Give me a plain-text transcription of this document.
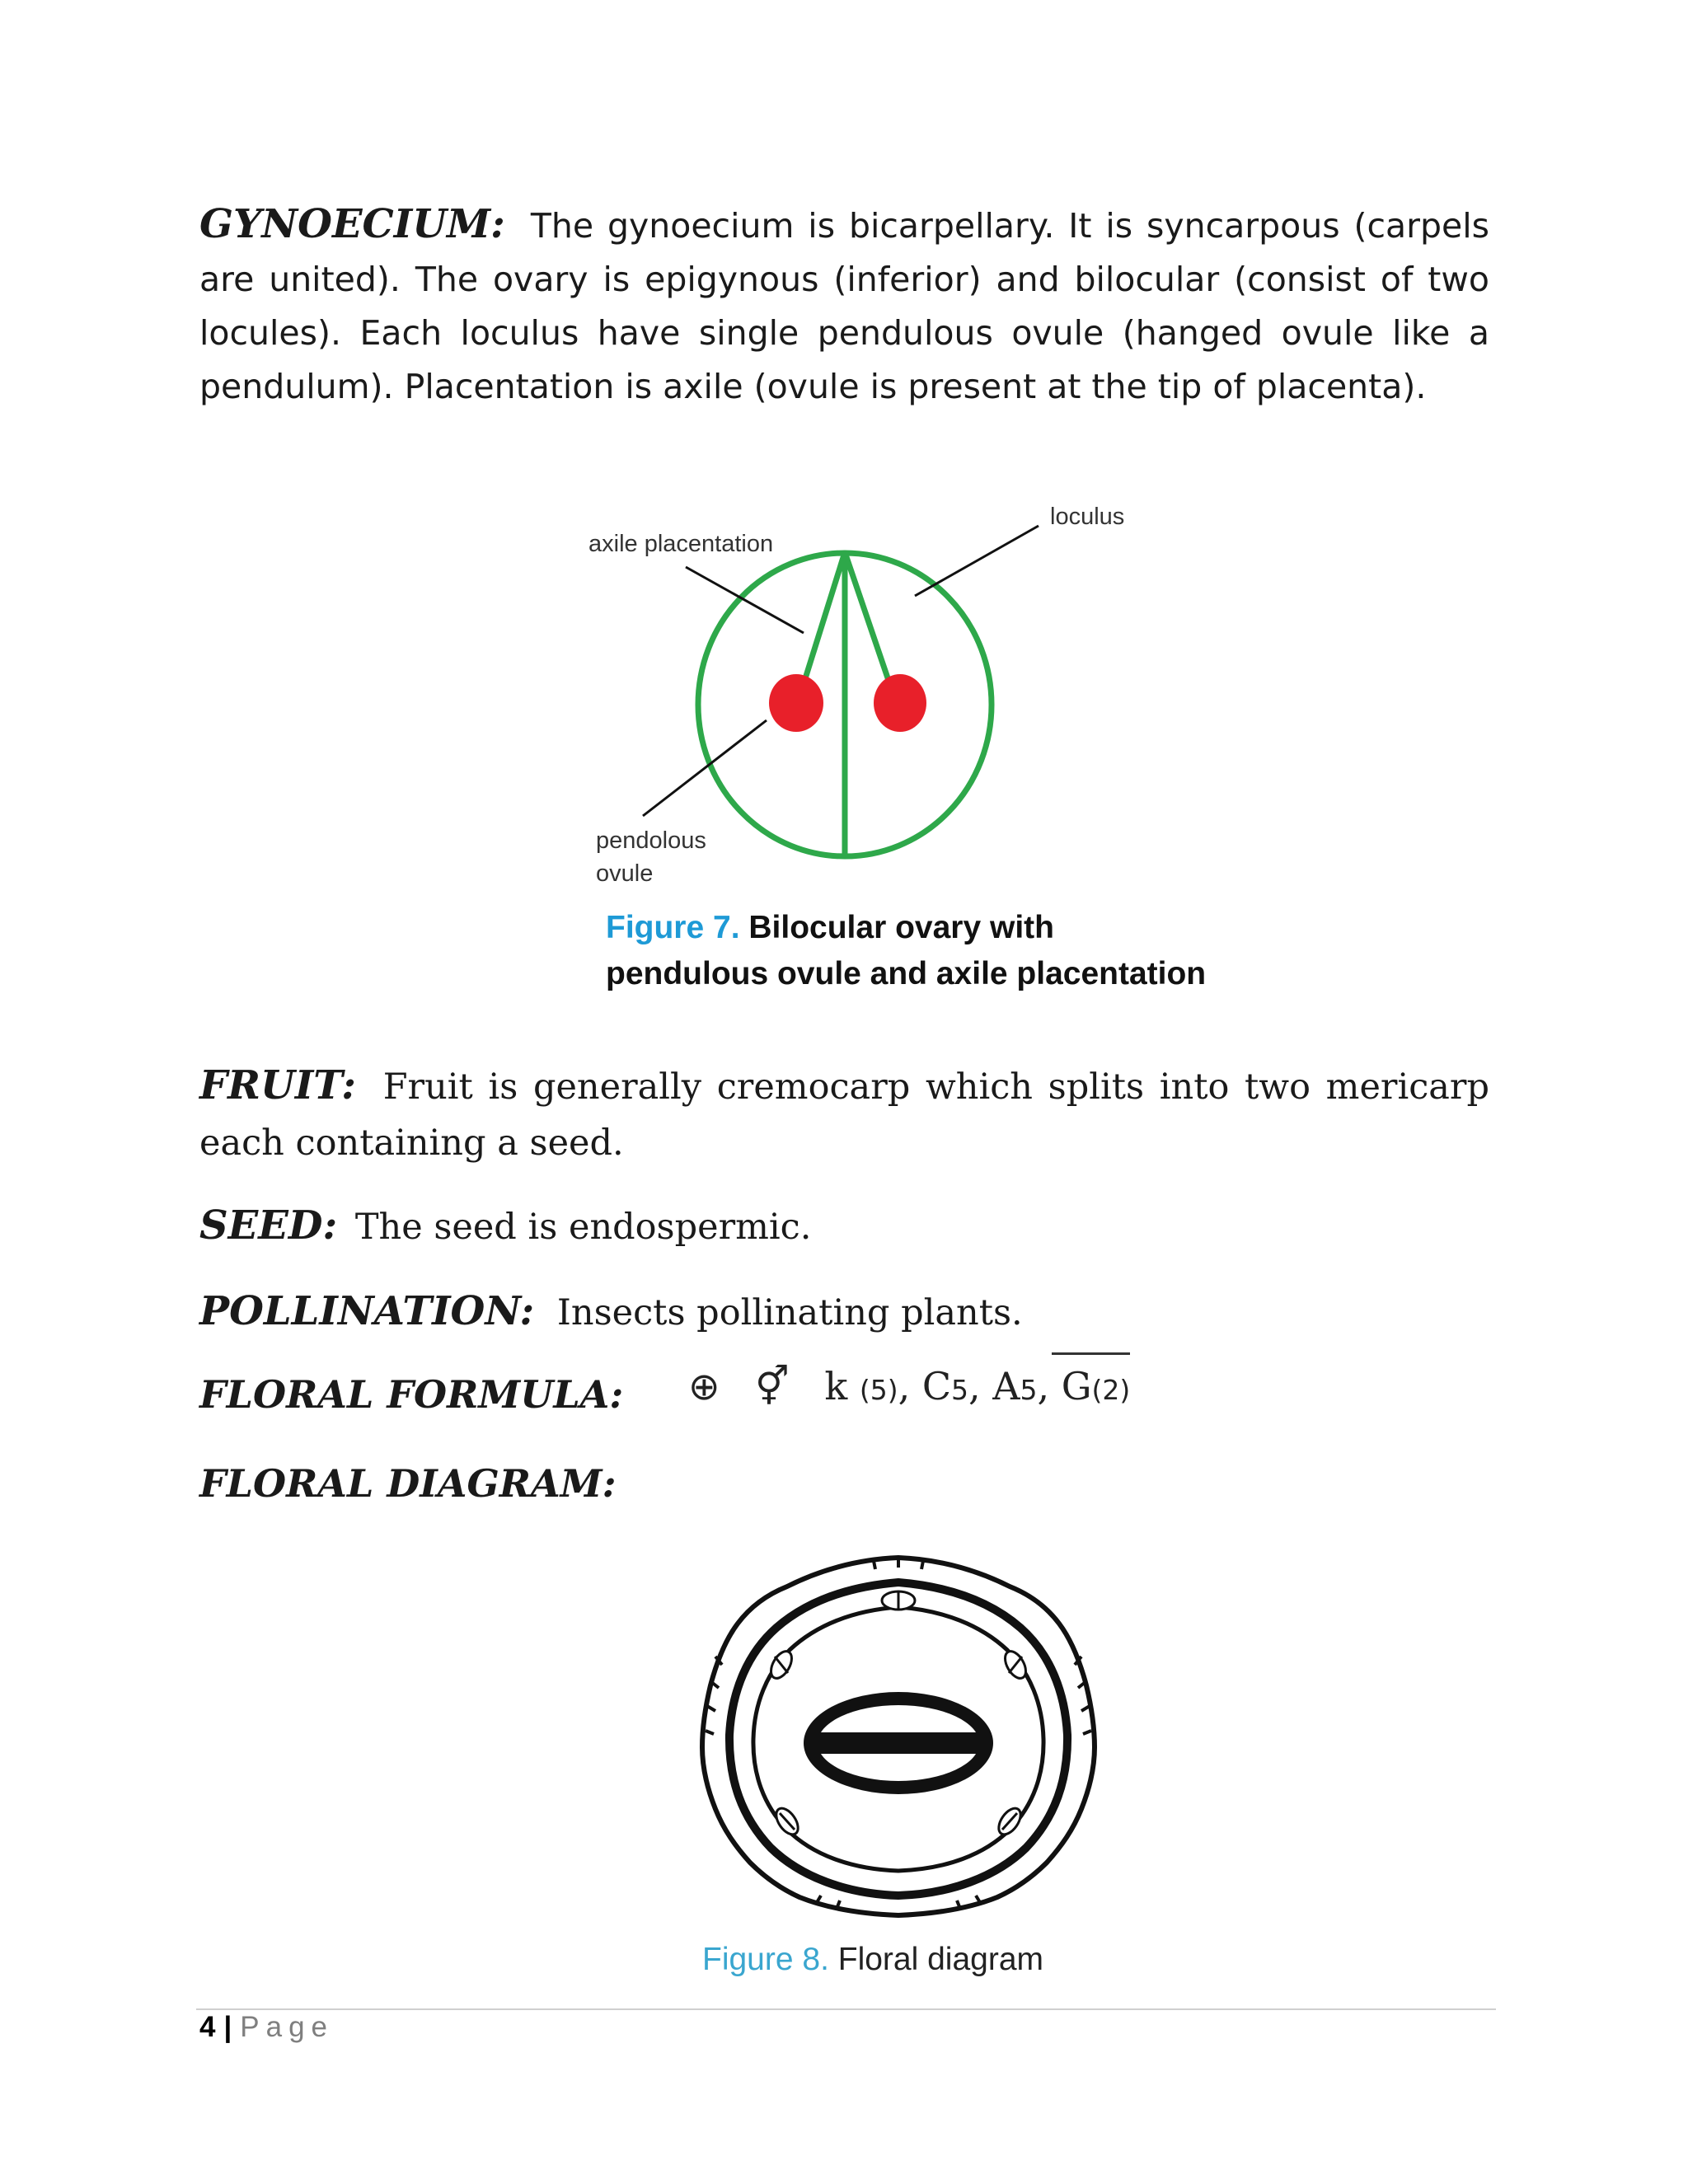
GYNOECIUM: The gynoecium is bicarpellary. It is syncarpous (carpels are united). The ovary is epigynous (inferior) and bilocular (consist of two locules). Each loculus have single pendulous ovule (hanged ovule like a pendulum). Placentation is axile (ovule is present at the tip of placenta).

axile placentation
loculus
pendolous
ovule
Figure 7. Bilocular ovary with
pendulous ovule and axile placentation

FRUIT: Fruit is generally cremocarp which splits into two mericarp each containing a seed.

SEED: The seed is endospermic.

POLLINATION: Insects pollinating plants.

FLORAL FORMULA: ⊕ ⚥ k (5), C5, A5,
G(2)
FLORAL DIAGRAM:
Figure 8. Floral diagram
4 | Page
